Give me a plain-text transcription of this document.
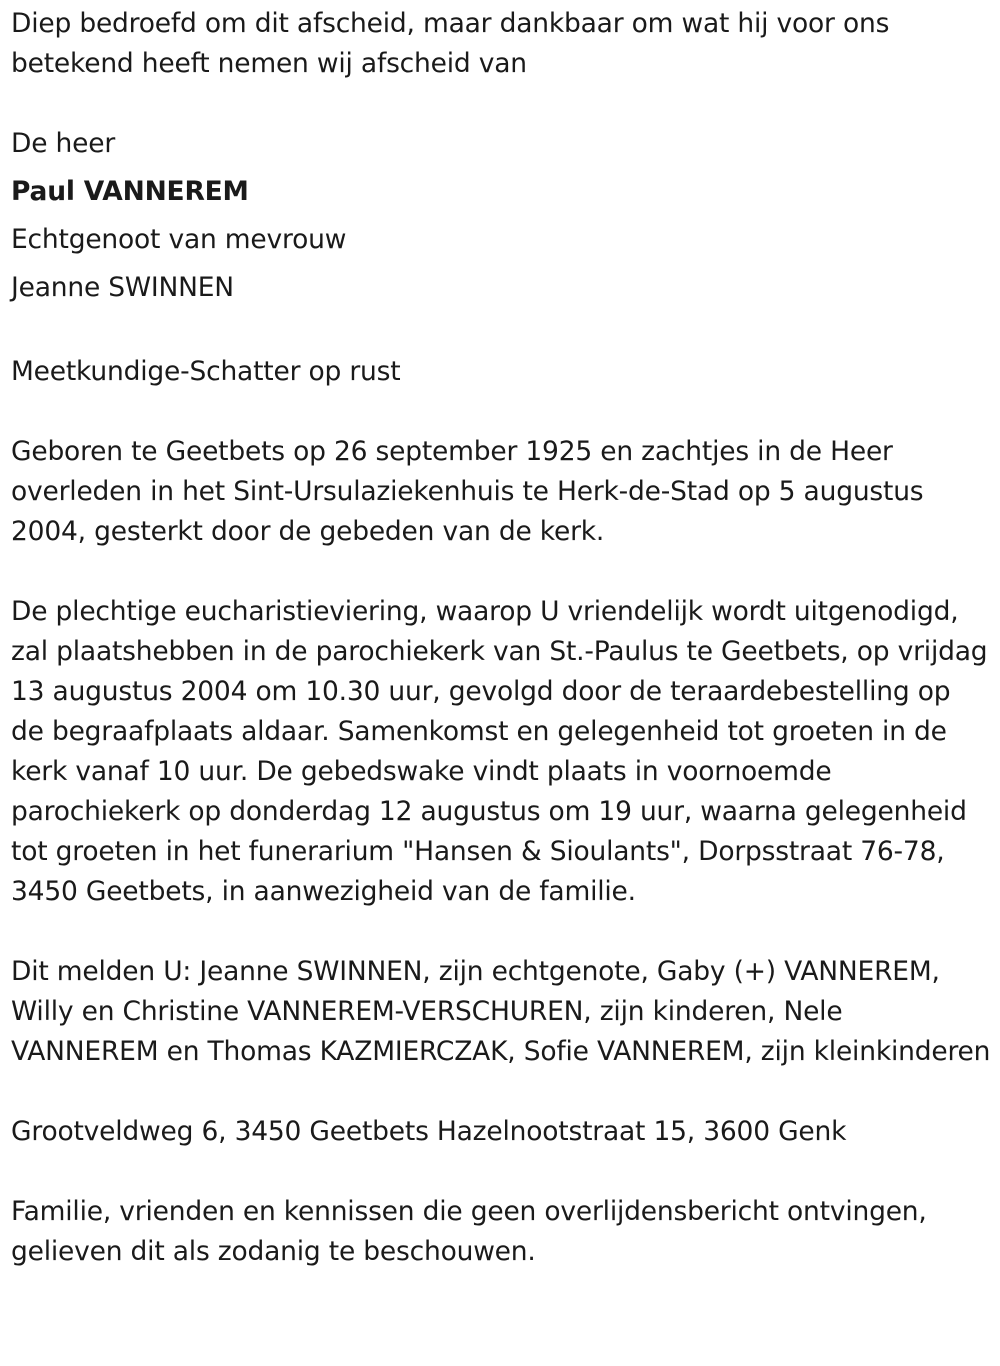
Diep bedroefd om dit afscheid, maar dankbaar om wat hij voor ons betekend heeft nemen wij afscheid van

De heer

Paul VANNEREM

Echtgenoot van mevrouw

Jeanne SWINNEN

Meetkundige-Schatter op rust

Geboren te Geetbets op 26 september 1925 en zachtjes in de Heer overleden in het Sint-Ursulaziekenhuis te Herk-de-Stad op 5 augustus 2004, gesterkt door de gebeden van de kerk.

De plechtige eucharistieviering, waarop U vriendelijk wordt uitgenodigd, zal plaatshebben in de parochiekerk van St.-Paulus te Geetbets, op vrijdag 13 augustus 2004 om 10.30 uur, gevolgd door de teraardebestelling op de begraafplaats aldaar. Samenkomst en gelegenheid tot groeten in de kerk vanaf 10 uur. De gebedswake vindt plaats in voornoemde parochiekerk op donderdag 12 augustus om 19 uur, waarna gelegenheid tot groeten in het funerarium "Hansen & Sioulants", Dorpsstraat 76-78, 3450 Geetbets, in aanwezigheid van de familie.

Dit melden U: Jeanne SWINNEN, zijn echtgenote, Gaby (+) VANNEREM, Willy en Christine VANNEREM-VERSCHUREN, zijn kinderen, Nele VANNEREM en Thomas KAZMIERCZAK, Sofie VANNEREM, zijn kleinkinderen

Grootveldweg 6, 3450 Geetbets Hazelnootstraat 15, 3600 Genk

Familie, vrienden en kennissen die geen overlijdensbericht ontvingen, gelieven dit als zodanig te beschouwen.
